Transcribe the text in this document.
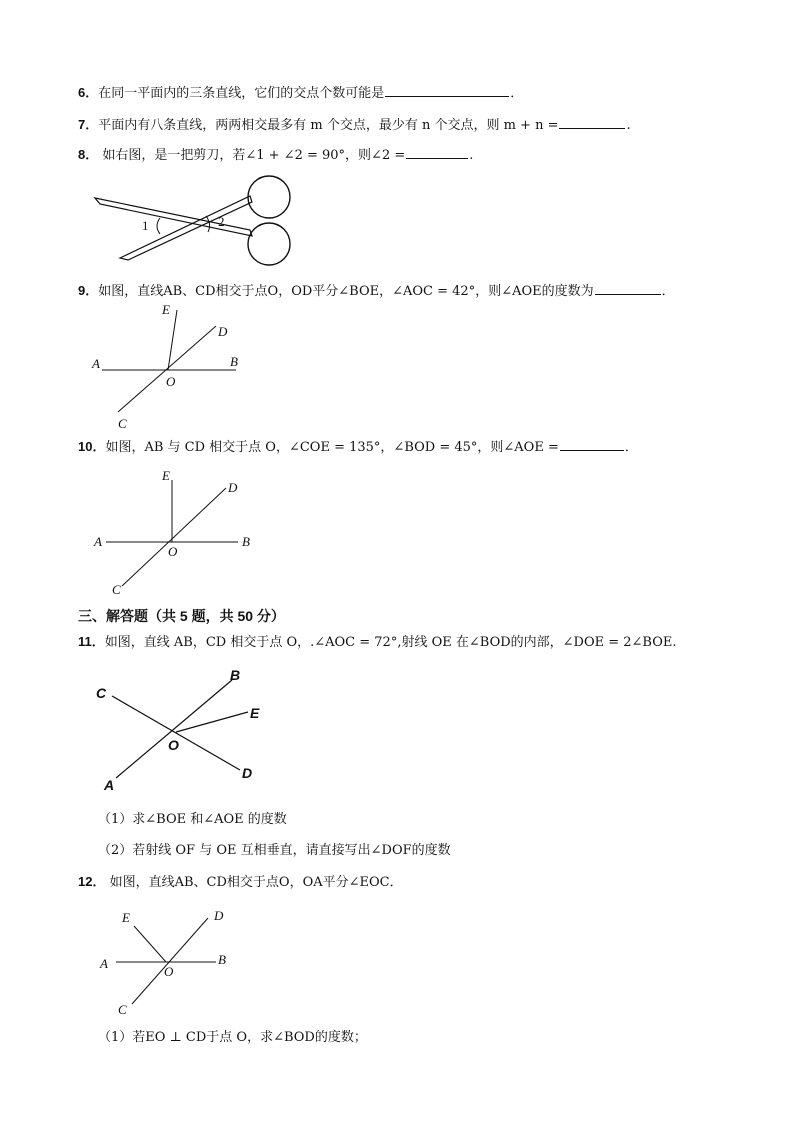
6．在同一平面内的三条直线，它们的交点个数可能是	．
7．平面内有八条直线，两两相交最多有 m 个交点，最少有 n 个交点，则 m + n =	.
8． 如右图，是一把剪刀，若∠1 + ∠2 = 90°，则∠2 =	.
1	2
9．如图，直线AB、CD相交于点O，OD平分∠BOE，∠AOC = 42°，则∠AOE的度数为	．
E
D
A	B
O
C
10．如图，AB 与 CD 相交于点 O，∠COE = 135°，∠BOD = 45°，则∠AOE =	．
E
D
A	B
O
C
三、解答题（共 5 题，共 50 分）
11．如图，直线 AB，CD 相交于点 O，.∠AOC = 72°,射线 OE 在∠BOD的内部，∠DOE = 2∠BOE.
C
B
E
O
A
D
（1）求∠BOE 和∠AOE 的度数
（2）若射线 OF 与 OE 互相垂直，请直接写出∠DOF的度数
12． 如图，直线AB、CD相交于点O，OA平分∠EOC．
E	D
A	B
O
C
（1）若EO ⊥ CD于点 O，求∠BOD的度数；
